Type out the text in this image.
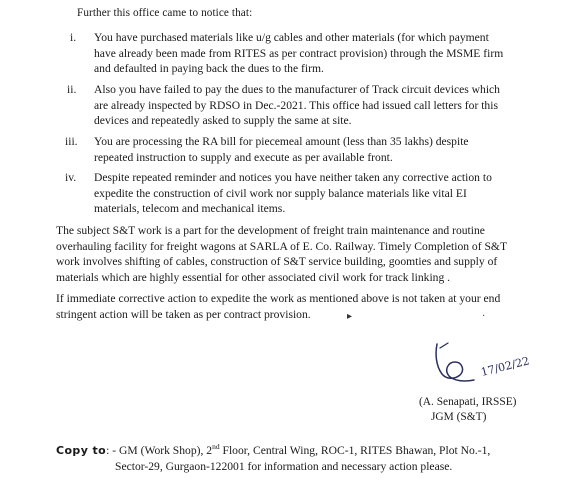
Further this office came to notice that:
i.	You have purchased materials like u/g cables and other materials (for which payment
have already been made from RITES as per contract provision) through the MSME firm
and defaulted in paying back the dues to the firm.
ii.	Also you have failed to pay the dues to the manufacturer of Track circuit devices which
are already inspected by RDSO in Dec.-2021. This office had issued call letters for this
devices and repeatedly asked to supply the same at site.
iii.	You are processing the RA bill for piecemeal amount (less than 35 lakhs) despite
repeated instruction to supply and execute as per available front.
iv.	Despite repeated reminder and notices you have neither taken any corrective action to
expedite the construction of civil work nor supply balance materials like vital EI
materials, telecom and mechanical items.
The subject S&T work is a part for the development of freight train maintenance and routine
overhauling facility for freight wagons at SARLA of E. Co. Railway. Timely Completion of S&T
work involves shifting of cables, construction of S&T service building, goomties and supply of
materials which are highly essential for other associated civil work for track linking .
If immediate corrective action to expedite the work as mentioned above is not taken at your end
stringent action will be taken as per contract provision.	▸	·
17/02/22
(A. Senapati, IRSSE)
JGM (S&T)
Copy to: - GM (Work Shop), 2nd Floor, Central Wing, ROC-1, RITES Bhawan, Plot No.-1,
Sector-29, Gurgaon-122001 for information and necessary action please.
